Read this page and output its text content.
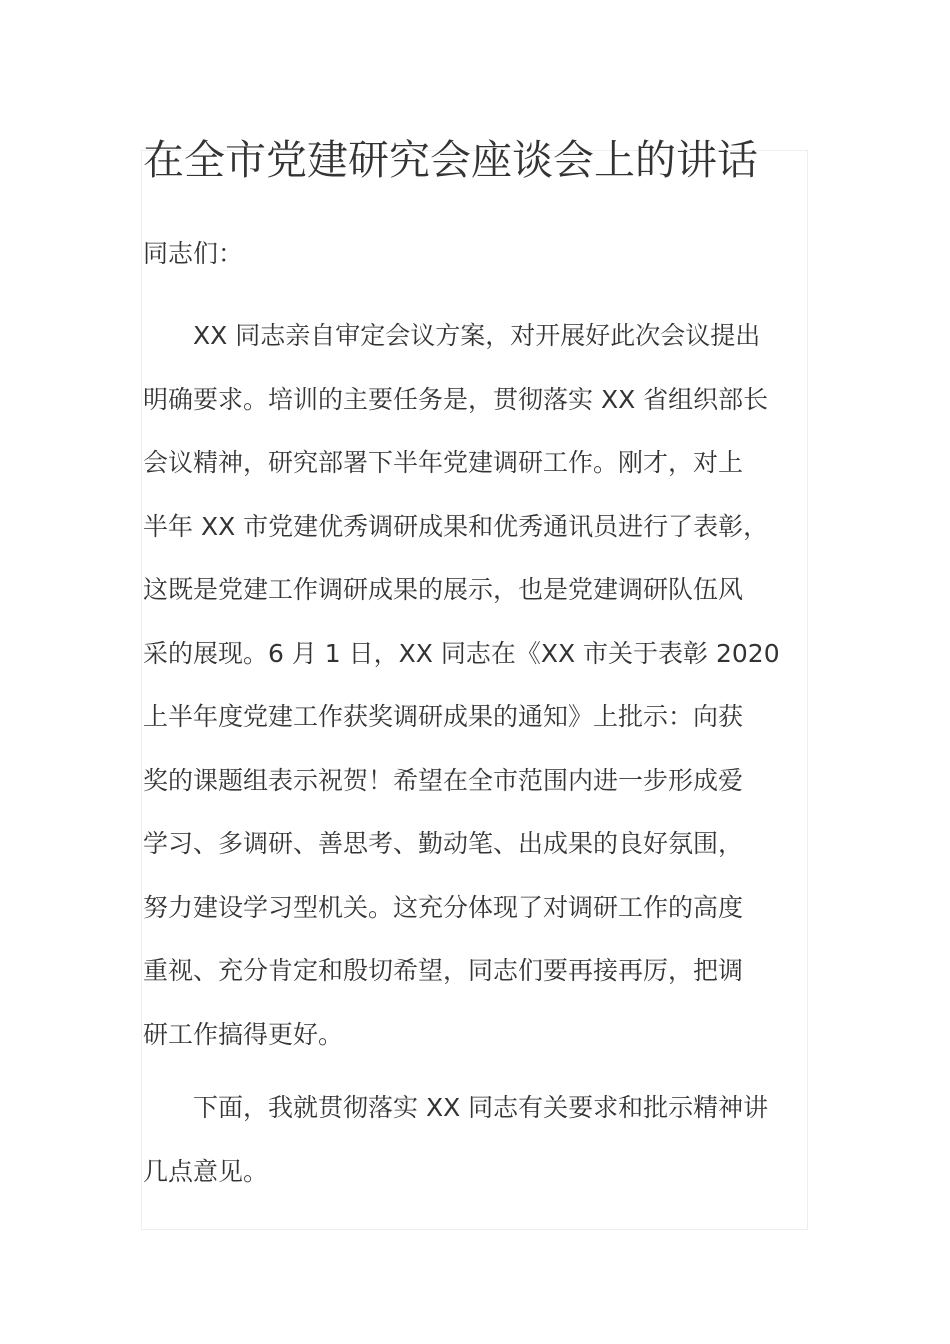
在全市党建研究会座谈会上的讲话

同志们：

XX 同志亲自审定会议方案，对开展好此次会议提出
明确要求。培训的主要任务是，贯彻落实 XX 省组织部长
会议精神，研究部署下半年党建调研工作。刚才，对上
半年 XX 市党建优秀调研成果和优秀通讯员进行了表彰，
这既是党建工作调研成果的展示，也是党建调研队伍风
采的展现。6 月 1 日，XX 同志在《XX 市关于表彰 2020
上半年度党建工作获奖调研成果的通知》上批示：向获
奖的课题组表示祝贺！希望在全市范围内进一步形成爱
学习、多调研、善思考、勤动笔、出成果的良好氛围，
努力建设学习型机关。这充分体现了对调研工作的高度
重视、充分肯定和殷切希望，同志们要再接再厉，把调
研工作搞得更好。
下面，我就贯彻落实 XX 同志有关要求和批示精神讲
几点意见。
